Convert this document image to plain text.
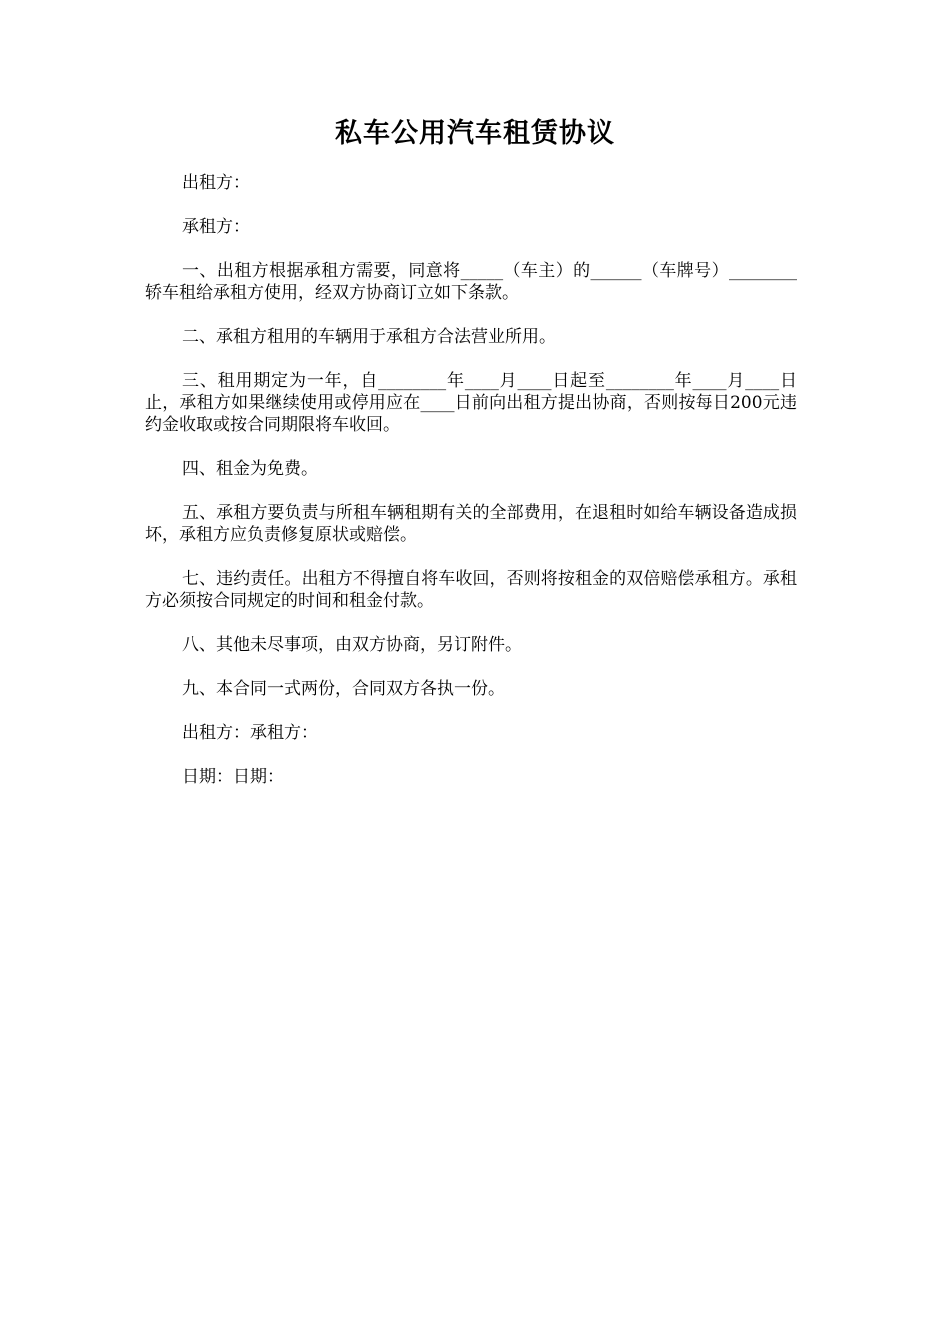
私车公用汽车租赁协议

出租方：

承租方：

一、出租方根据承租方需要，同意将_____（车主）的______（车牌号）________轿车租给承租方使用，经双方协商订立如下条款。

二、承租方租用的车辆用于承租方合法营业所用。

三、租用期定为一年，自________年____月____日起至________年____月____日止，承租方如果继续使用或停用应在____日前向出租方提出协商，否则按每日200元违约金收取或按合同期限将车收回。

四、租金为免费。

五、承租方要负责与所租车辆租期有关的全部费用，在退租时如给车辆设备造成损坏，承租方应负责修复原状或赔偿。

七、违约责任。出租方不得擅自将车收回，否则将按租金的双倍赔偿承租方。承租方必须按合同规定的时间和租金付款。

八、其他未尽事项，由双方协商，另订附件。

九、本合同一式两份，合同双方各执一份。

出租方：承租方：

日期：日期：
